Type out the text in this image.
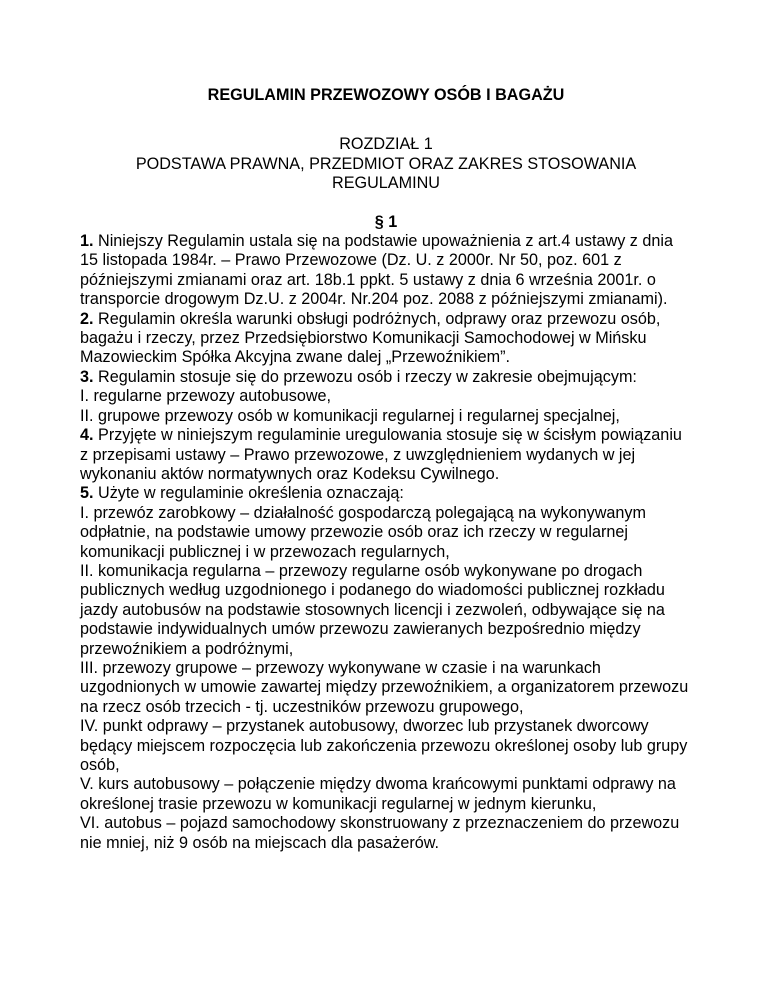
REGULAMIN PRZEWOZOWY OSÓB I BAGAŻU

ROZDZIAŁ 1
PODSTAWA PRAWNA, PRZEDMIOT ORAZ ZAKRES STOSOWANIA
REGULAMINU
§ 1

1. Niniejszy Regulamin ustala się na podstawie upoważnienia z art.4 ustawy z dnia 15 listopada 1984r. – Prawo Przewozowe (Dz. U. z 2000r. Nr 50, poz. 601 z późniejszymi zmianami oraz art. 18b.1 ppkt. 5 ustawy z dnia 6 września 2001r. o transporcie drogowym Dz.U. z 2004r. Nr.204 poz. 2088 z późniejszymi zmianami).

2. Regulamin określa warunki obsługi podróżnych, odprawy oraz przewozu osób, bagażu i rzeczy, przez Przedsiębiorstwo Komunikacji Samochodowej w Mińsku Mazowieckim Spółka Akcyjna zwane dalej „Przewoźnikiem”.

3. Regulamin stosuje się do przewozu osób i rzeczy w zakresie obejmującym:

I. regularne przewozy autobusowe,

II. grupowe przewozy osób w komunikacji regularnej i regularnej specjalnej,

4. Przyjęte w niniejszym regulaminie uregulowania stosuje się w ścisłym powiązaniu z przepisami ustawy – Prawo przewozowe, z uwzględnieniem wydanych w jej wykonaniu aktów normatywnych oraz Kodeksu Cywilnego.

5. Użyte w regulaminie określenia oznaczają:

I. przewóz zarobkowy – działalność gospodarczą polegającą na wykonywanym odpłatnie, na podstawie umowy przewozie osób oraz ich rzeczy w regularnej komunikacji publicznej i w przewozach regularnych,

II. komunikacja regularna – przewozy regularne osób wykonywane po drogach publicznych według uzgodnionego i podanego do wiadomości publicznej rozkładu jazdy autobusów na podstawie stosownych licencji i zezwoleń, odbywające się na podstawie indywidualnych umów przewozu zawieranych bezpośrednio między przewoźnikiem a podróżnymi,

III. przewozy grupowe – przewozy wykonywane w czasie i na warunkach uzgodnionych w umowie zawartej między przewoźnikiem, a organizatorem przewozu na rzecz osób trzecich - tj. uczestników przewozu grupowego,

IV. punkt odprawy – przystanek autobusowy, dworzec lub przystanek dworcowy będący miejscem rozpoczęcia lub zakończenia przewozu określonej osoby lub grupy osób,

V. kurs autobusowy – połączenie między dwoma krańcowymi punktami odprawy na określonej trasie przewozu w komunikacji regularnej w jednym kierunku,

VI. autobus – pojazd samochodowy skonstruowany z przeznaczeniem do przewozu nie mniej, niż 9 osób na miejscach dla pasażerów.
